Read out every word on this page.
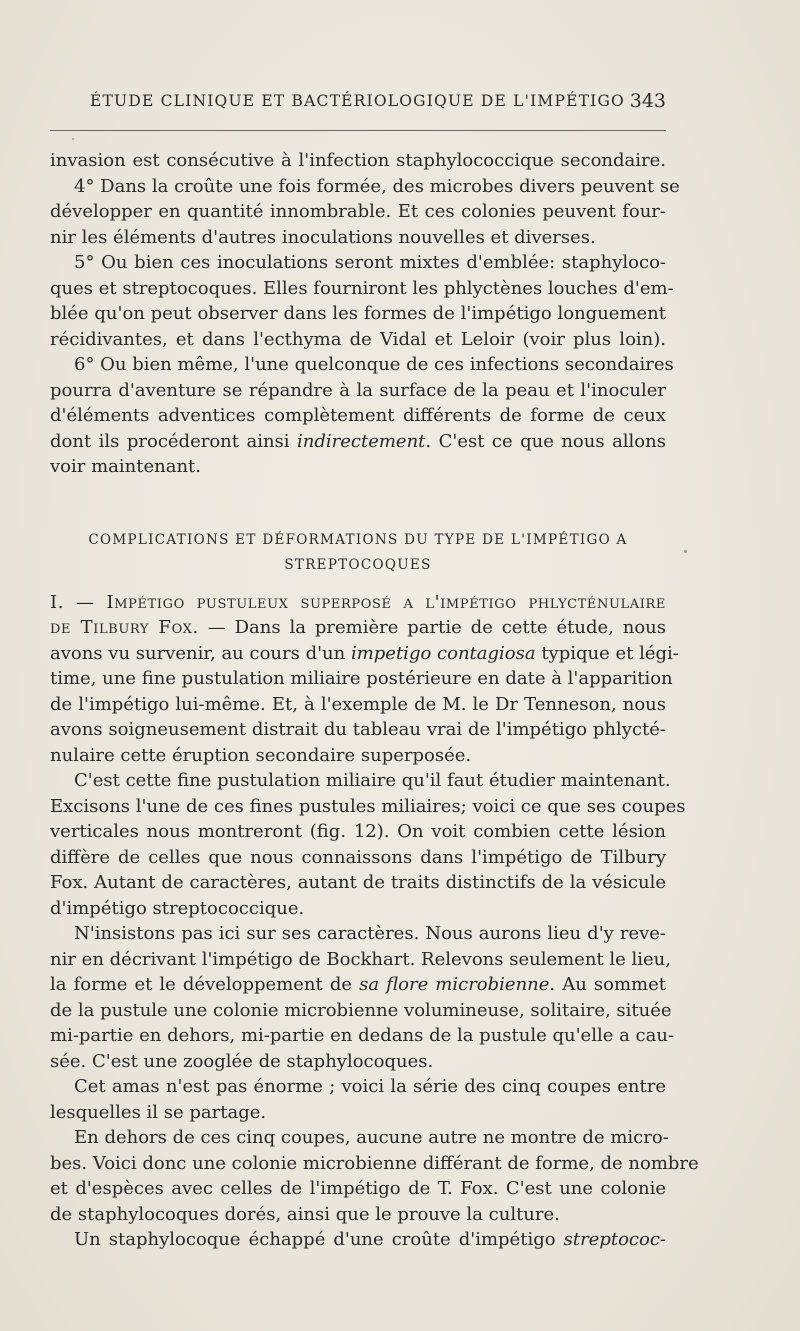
ÉTUDE CLINIQUE ET BACTÉRIOLOGIQUE DE L'IMPÉTIGO 343
invasion est consécutive à l'infection staphylococcique secondaire.
4° Dans la croûte une fois formée, des microbes divers peuvent se
développer en quantité innombrable. Et ces colonies peuvent four-
nir les éléments d'autres inoculations nouvelles et diverses.
5° Ou bien ces inoculations seront mixtes d'emblée: staphyloco-
ques et streptocoques. Elles fourniront les phlyctènes louches d'em-
blée qu'on peut observer dans les formes de l'impétigo longuement
récidivantes, et dans l'ecthyma de Vidal et Leloir (voir plus loin).
6° Ou bien même, l'une quelconque de ces infections secondaires
pourra d'aventure se répandre à la surface de la peau et l'inoculer
d'éléments adventices complètement différents de forme de ceux
dont ils procéderont ainsi indirectement. C'est ce que nous allons
voir maintenant.
COMPLICATIONS ET DÉFORMATIONS DU TYPE DE L'IMPÉTIGO A
STREPTOCOQUES
I. — Impétigo pustuleux superposé a l'impétigo phlycténulaire
de Tilbury Fox. — Dans la première partie de cette étude, nous
avons vu survenir, au cours d'un impetigo contagiosa typique et légi-
time, une fine pustulation miliaire postérieure en date à l'apparition
de l'impétigo lui-même. Et, à l'exemple de M. le Dr Tenneson, nous
avons soigneusement distrait du tableau vrai de l'impétigo phlycté-
nulaire cette éruption secondaire superposée.
C'est cette fine pustulation miliaire qu'il faut étudier maintenant.
Excisons l'une de ces fines pustules miliaires; voici ce que ses coupes
verticales nous montreront (fig. 12). On voit combien cette lésion
diffère de celles que nous connaissons dans l'impétigo de Tilbury
Fox. Autant de caractères, autant de traits distinctifs de la vésicule
d'impétigo streptococcique.
N'insistons pas ici sur ses caractères. Nous aurons lieu d'y reve-
nir en décrivant l'impétigo de Bockhart. Relevons seulement le lieu,
la forme et le développement de sa flore microbienne. Au sommet
de la pustule une colonie microbienne volumineuse, solitaire, située
mi-partie en dehors, mi-partie en dedans de la pustule qu'elle a cau-
sée. C'est une zooglée de staphylocoques.
Cet amas n'est pas énorme ; voici la série des cinq coupes entre
lesquelles il se partage.
En dehors de ces cinq coupes, aucune autre ne montre de micro-
bes. Voici donc une colonie microbienne différant de forme, de nombre
et d'espèces avec celles de l'impétigo de T. Fox. C'est une colonie
de staphylocoques dorés, ainsi que le prouve la culture.
Un staphylocoque échappé d'une croûte d'impétigo streptococ-
